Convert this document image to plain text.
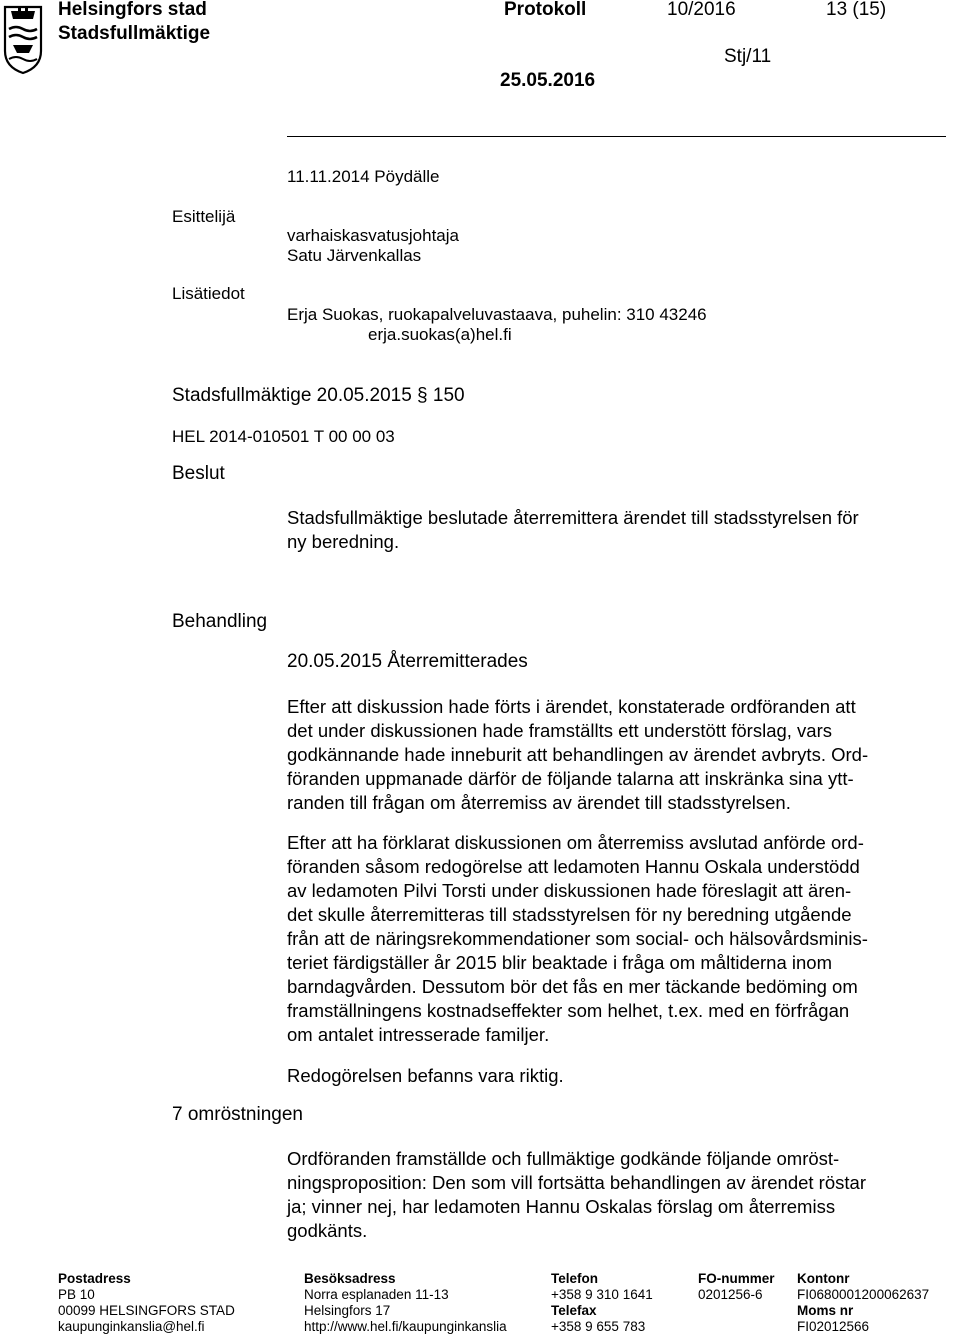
Helsingfors stad
Stadsfullmäktige
Protokoll	10/2016	13 (15)
Stj/11
25.05.2016
11.11.2014 Pöydälle
Esittelijä
varhaiskasvatusjohtaja
Satu Järvenkallas
Lisätiedot
Erja Suokas, ruokapalveluvastaava, puhelin: 310 43246
erja.suokas(a)hel.fi
Stadsfullmäktige 20.05.2015 § 150
HEL 2014-010501 T 00 00 03
Beslut
Stadsfullmäktige beslutade återremittera ärendet till stadsstyrelsen för
ny beredning.
Behandling
20.05.2015 Återremitterades
Efter att diskussion hade förts i ärendet, konstaterade ordföranden att
det under diskussionen hade framställts ett understött förslag, vars
godkännande hade inneburit att behandlingen av ärendet avbryts. Ord-
föranden uppmanade därför de följande talarna att inskränka sina ytt-
randen till frågan om återremiss av ärendet till stadsstyrelsen.
Efter att ha förklarat diskussionen om återremiss avslutad anförde ord-
föranden såsom redogörelse att ledamoten Hannu Oskala understödd
av ledamoten Pilvi Torsti under diskussionen hade föreslagit att ären-
det skulle återremitteras till stadsstyrelsen för ny beredning utgående
från att de näringsrekommendationer som social- och hälsovårdsminis-
teriet färdigställer år 2015 blir beaktade i fråga om måltiderna inom
barndagvården. Dessutom bör det fås en mer täckande bedöming om
framställningens kostnadseffekter som helhet, t.ex. med en förfrågan
om antalet intresserade familjer.
Redogörelsen befanns vara riktig.
7 omröstningen
Ordföranden framställde och fullmäktige godkände följande omröst-
ningsproposition: Den som vill fortsätta behandlingen av ärendet röstar
ja; vinner nej, har ledamoten Hannu Oskalas förslag om återremiss
godkänts.
Postadress
PB 10
00099 HELSINGFORS STAD
kaupunginkanslia@hel.fi
Besöksadress
Norra esplanaden 11-13
Helsingfors 17
http://www.hel.fi/kaupunginkanslia
Telefon
+358 9 310 1641
Telefax
+358 9 655 783
FO-nummer
0201256-6
Kontonr
FI0680001200062637
Moms nr
FI02012566
